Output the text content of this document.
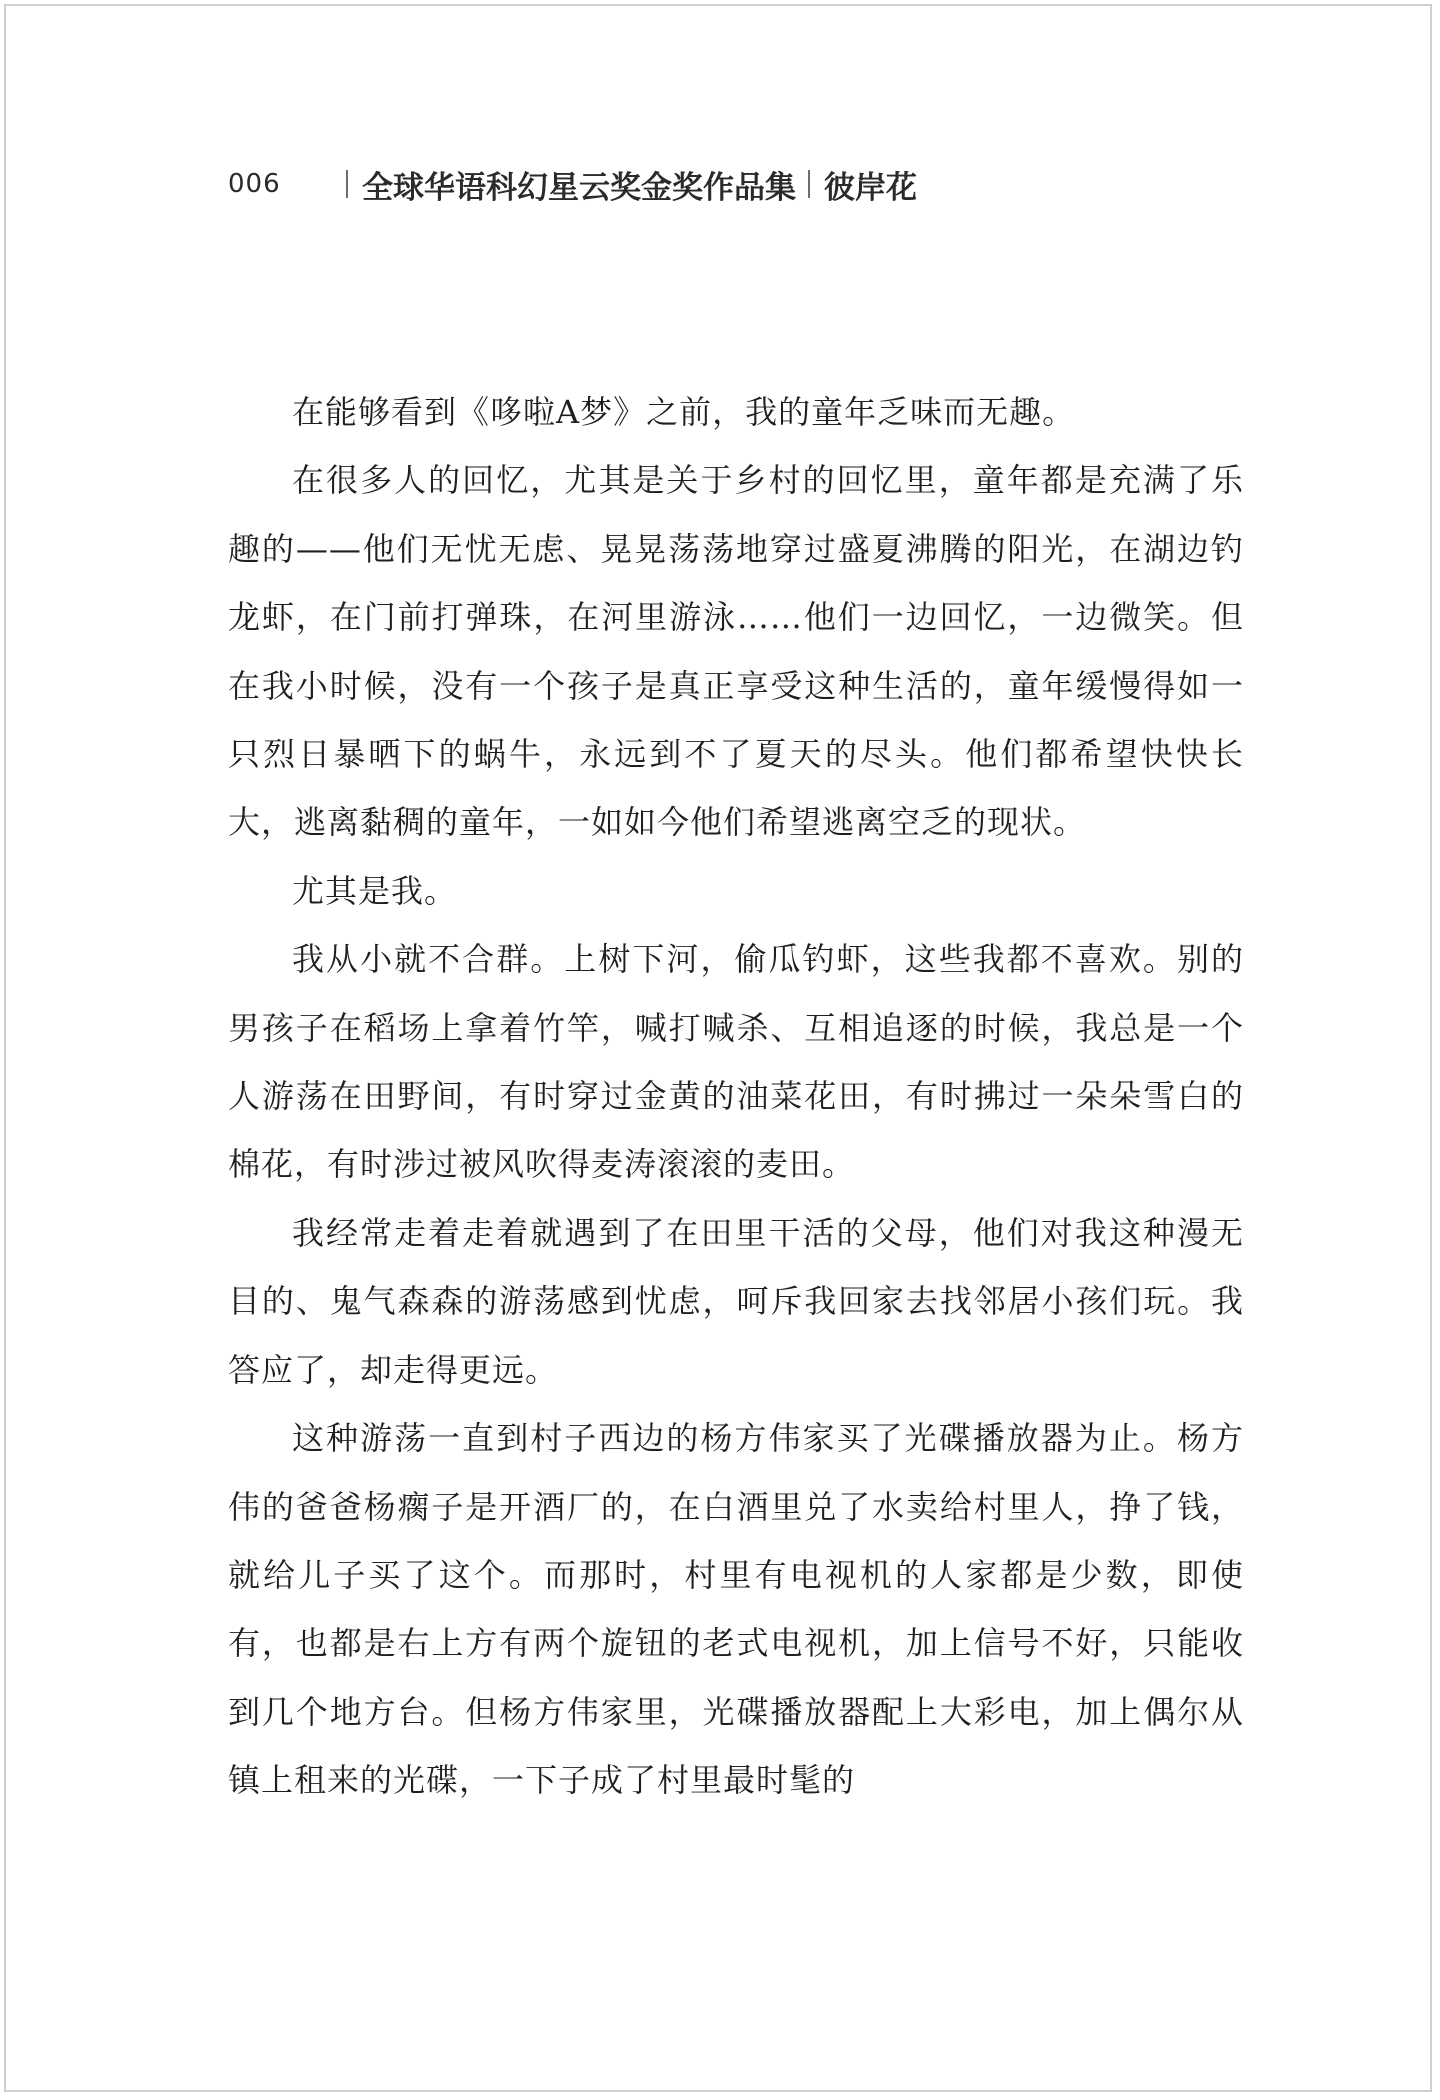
006	全球华语科幻星云奖金奖作品集 彼岸花

在能够看到《哆啦A梦》之前，我的童年乏味而无趣。

在很多人的回忆，尤其是关于乡村的回忆里，童年都是充满了乐趣的——他们无忧无虑、晃晃荡荡地穿过盛夏沸腾的阳光，在湖边钓龙虾，在门前打弹珠，在河里游泳……他们一边回忆，一边微笑。但在我小时候，没有一个孩子是真正享受这种生活的，童年缓慢得如一只烈日暴晒下的蜗牛，永远到不了夏天的尽头。他们都希望快快长大，逃离黏稠的童年，一如如今他们希望逃离空乏的现状。

尤其是我。

我从小就不合群。上树下河，偷瓜钓虾，这些我都不喜欢。别的男孩子在稻场上拿着竹竿，喊打喊杀、互相追逐的时候，我总是一个人游荡在田野间，有时穿过金黄的油菜花田，有时拂过一朵朵雪白的棉花，有时涉过被风吹得麦涛滚滚的麦田。

我经常走着走着就遇到了在田里干活的父母，他们对我这种漫无目的、鬼气森森的游荡感到忧虑，呵斥我回家去找邻居小孩们玩。我答应了，却走得更远。

这种游荡一直到村子西边的杨方伟家买了光碟播放器为止。杨方伟的爸爸杨瘸子是开酒厂的，在白酒里兑了水卖给村里人，挣了钱，就给儿子买了这个。而那时，村里有电视机的人家都是少数，即使有，也都是右上方有两个旋钮的老式电视机，加上信号不好，只能收到几个地方台。但杨方伟家里，光碟播放器配上大彩电，加上偶尔从镇上租来的光碟，一下子成了村里最时髦的
